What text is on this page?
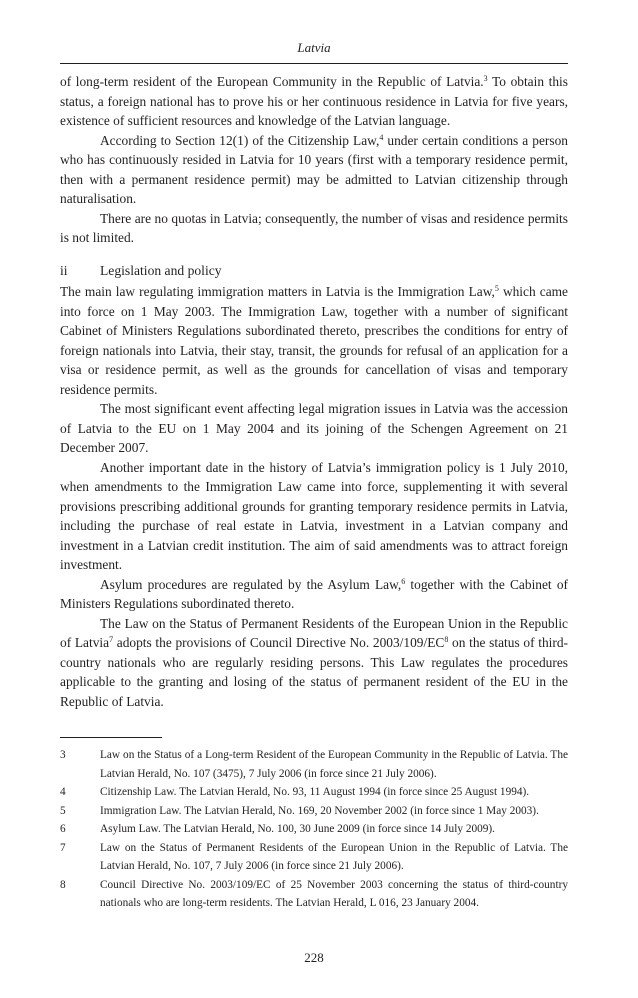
Latvia

of long-term resident of the European Community in the Republic of Latvia.$^3$ To obtain this status, a foreign national has to prove his or her continuous residence in Latvia for five years, existence of sufficient resources and knowledge of the Latvian language.

According to Section 12(1) of the Citizenship Law,$^4$ under certain conditions a person who has continuously resided in Latvia for 10 years (first with a temporary residence permit, then with a permanent residence permit) may be admitted to Latvian citizenship through naturalisation.

There are no quotas in Latvia; consequently, the number of visas and residence permits is not limited.

ii	Legislation and policy

The main law regulating immigration matters in Latvia is the Immigration Law,$^5$ which came into force on 1 May 2003. The Immigration Law, together with a number of significant Cabinet of Ministers Regulations subordinated thereto, prescribes the conditions for entry of foreign nationals into Latvia, their stay, transit, the grounds for refusal of an application for a visa or residence permit, as well as the grounds for cancellation of visas and temporary residence permits.

The most significant event affecting legal migration issues in Latvia was the accession of Latvia to the EU on 1 May 2004 and its joining of the Schengen Agreement on 21 December 2007.

Another important date in the history of Latvia’s immigration policy is 1 July 2010, when amendments to the Immigration Law came into force, supplementing it with several provisions prescribing additional grounds for granting temporary residence permits in Latvia, including the purchase of real estate in Latvia, investment in a Latvian company and investment in a Latvian credit institution. The aim of said amendments was to attract foreign investment.

Asylum procedures are regulated by the Asylum Law,$^6$ together with the Cabinet of Ministers Regulations subordinated thereto.

The Law on the Status of Permanent Residents of the European Union in the Republic of Latvia$^7$ adopts the provisions of Council Directive No. $2003/109/EC^8$ on the status of third-country nationals who are regularly residing persons. This Law regulates the procedures applicable to the granting and losing of the status of permanent resident of the EU in the Republic of Latvia.

3	Law on the Status of a Long-term Resident of the European Community in the Republic of Latvia. The Latvian Herald, No. 107 (3475), 7 July 2006 (in force since 21 July 2006).
4	Citizenship Law. The Latvian Herald, No. 93, 11 August 1994 (in force since 25 August 1994).
5	Immigration Law. The Latvian Herald, No. 169, 20 November 2002 (in force since 1 May 2003).
6	Asylum Law. The Latvian Herald, No. 100, 30 June 2009 (in force since 14 July 2009).
7	Law on the Status of Permanent Residents of the European Union in the Republic of Latvia. The Latvian Herald, No. 107, 7 July 2006 (in force since 21 July 2006).
8	Council Directive No. 2003/109/EC of 25 November 2003 concerning the status of third-country nationals who are long-term residents. The Latvian Herald, L 016, 23 January 2004.
228
